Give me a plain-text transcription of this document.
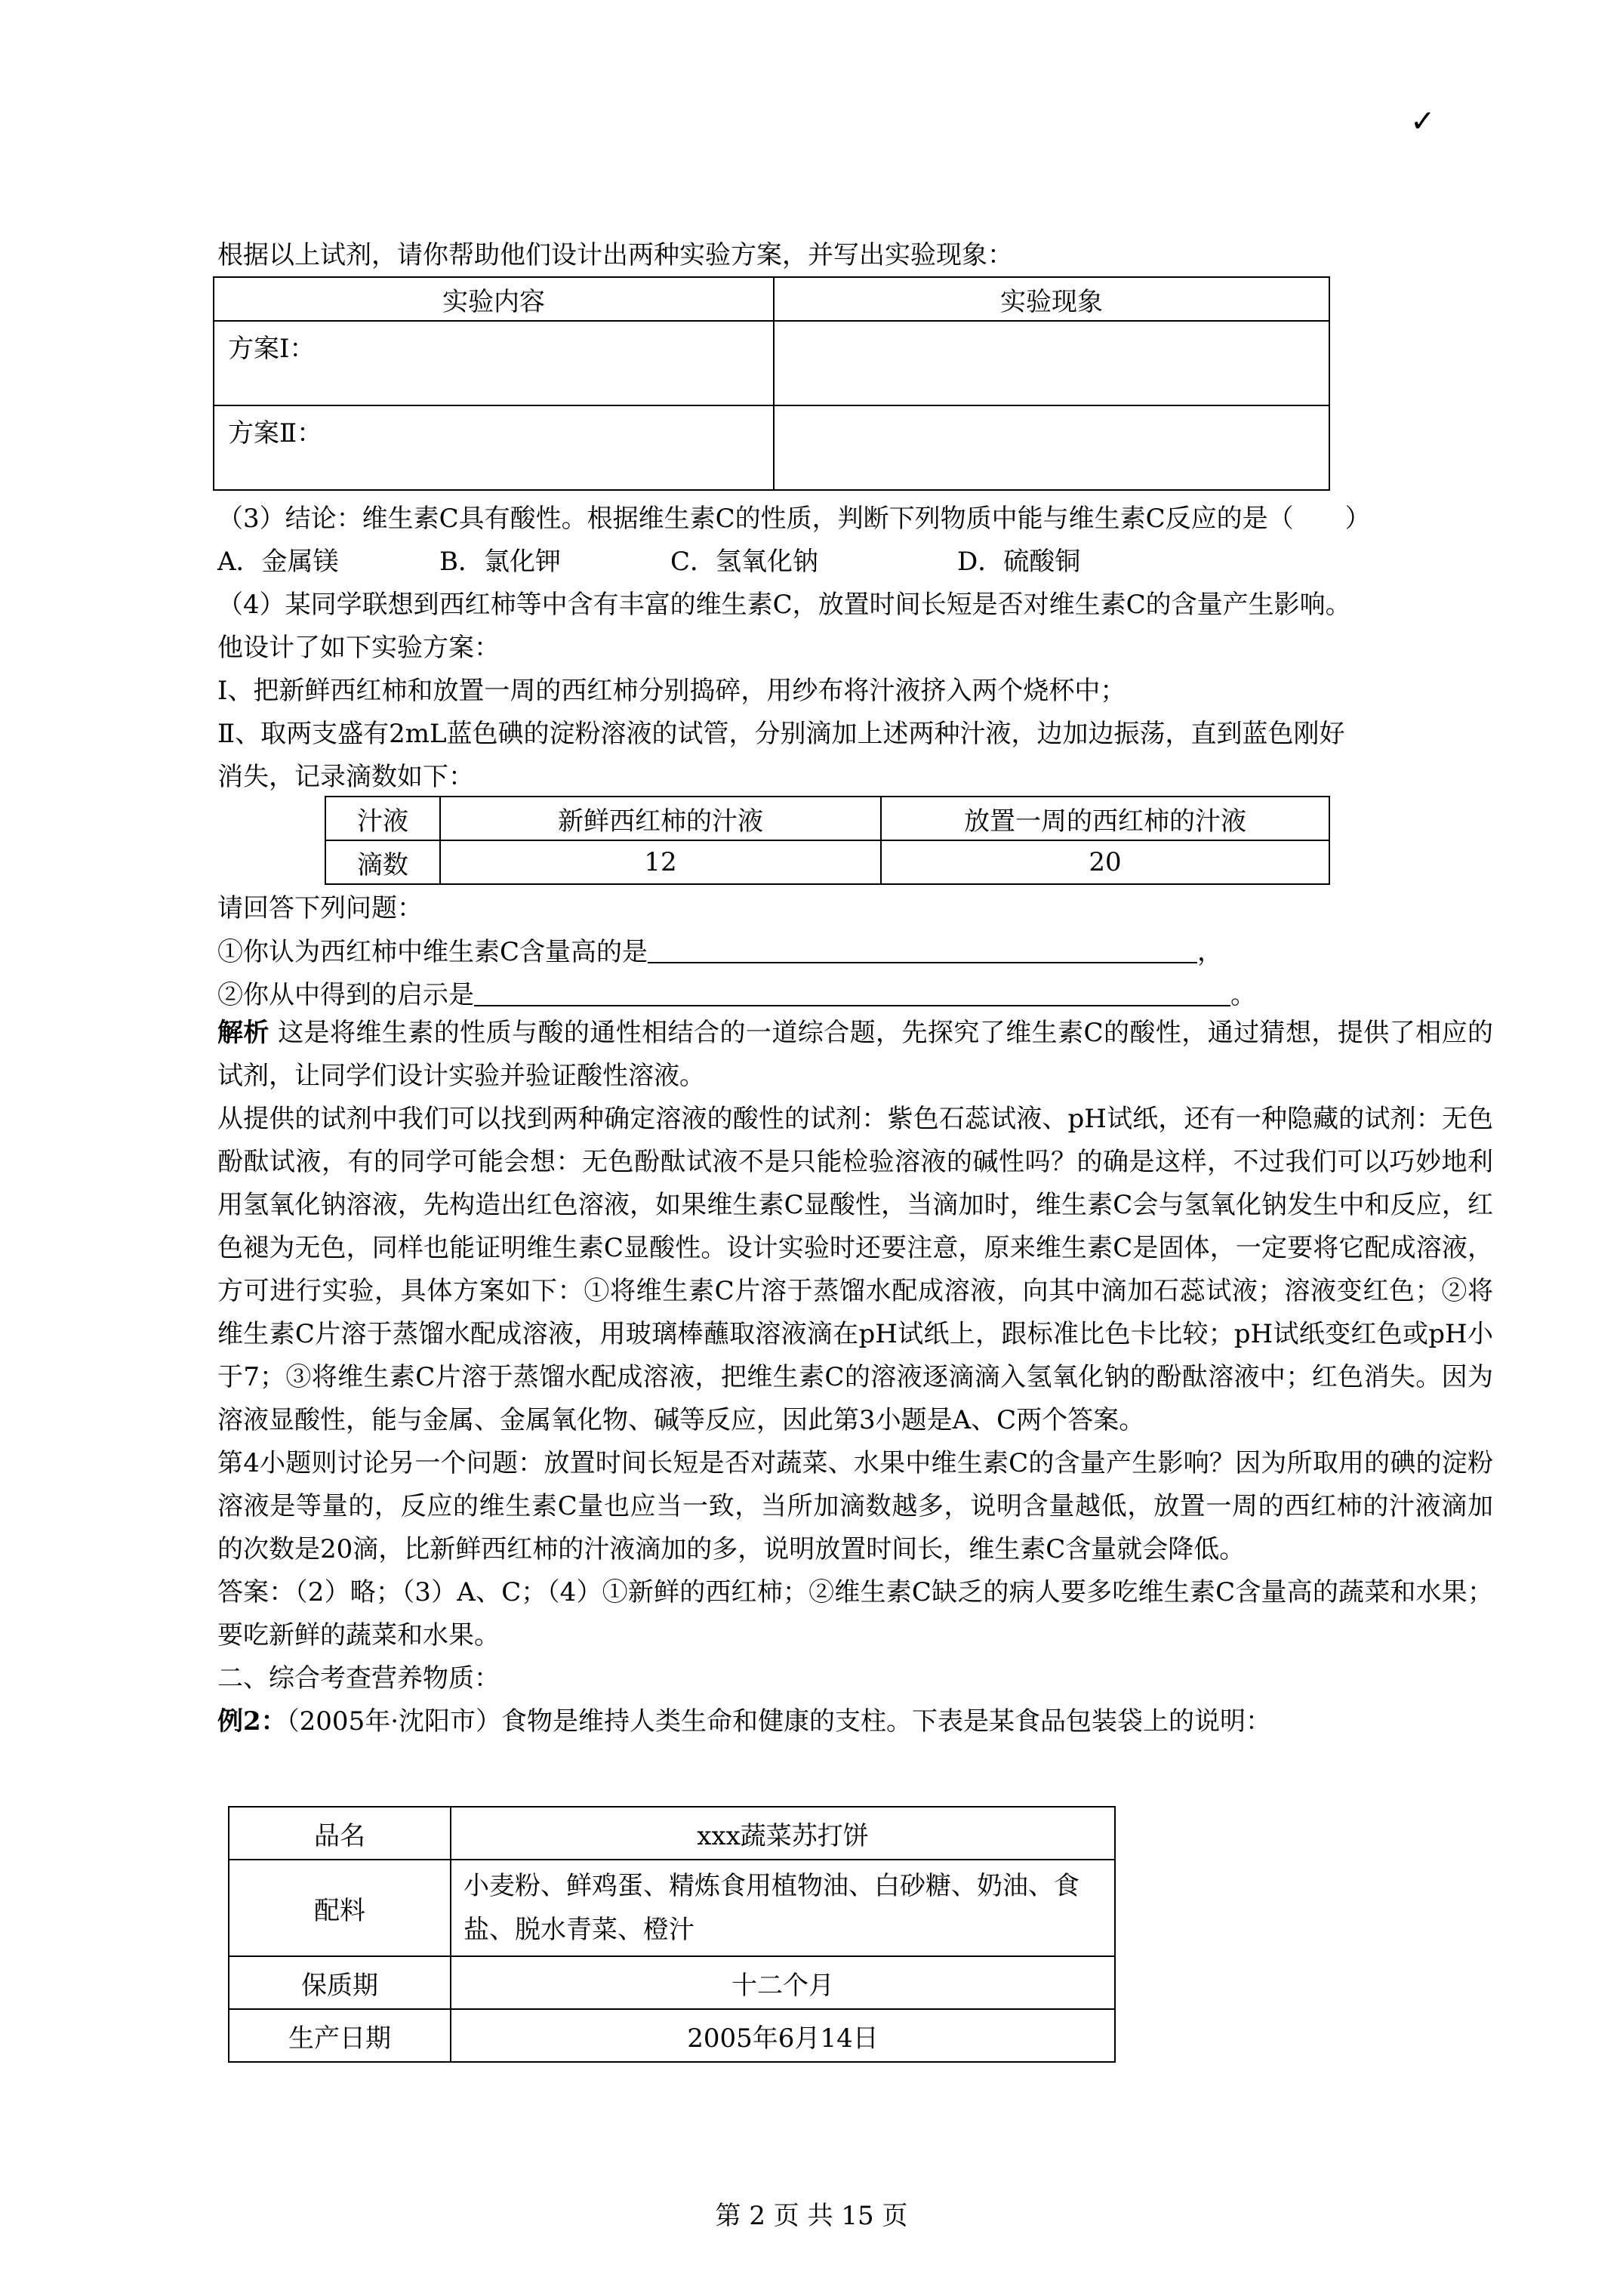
✓
根据以上试剂，请你帮助他们设计出两种实验方案，并写出实验现象：
实验内容	实验现象
方案Ⅰ：	
方案Ⅱ：	
（3）结论：维生素C具有酸性。根据维生素C的性质，判断下列物质中能与维生素C反应的是（　　）
A．金属镁	B．氯化钾	C．氢氧化钠	D．硫酸铜
（4）某同学联想到西红柿等中含有丰富的维生素C，放置时间长短是否对维生素C的含量产生影响。
他设计了如下实验方案：
Ⅰ、把新鲜西红柿和放置一周的西红柿分别捣碎，用纱布将汁液挤入两个烧杯中；
Ⅱ、取两支盛有2mL蓝色碘的淀粉溶液的试管，分别滴加上述两种汁液，边加边振荡，直到蓝色刚好
消失，记录滴数如下：
汁液	新鲜西红柿的汁液	放置一周的西红柿的汁液
滴数	12	20
请回答下列问题：
①你认为西红柿中维生素C含量高的是	，
②你从中得到的启示是	。

解析 这是将维生素的性质与酸的通性相结合的一道综合题，先探究了维生素C的酸性，通过猜想，提供了相应的试剂，让同学们设计实验并验证酸性溶液。

从提供的试剂中我们可以找到两种确定溶液的酸性的试剂：紫色石蕊试液、pH试纸，还有一种隐藏的试剂：无色酚酞试液，有的同学可能会想：无色酚酞试液不是只能检验溶液的碱性吗？的确是这样，不过我们可以巧妙地利用氢氧化钠溶液，先构造出红色溶液，如果维生素C显酸性，当滴加时，维生素C会与氢氧化钠发生中和反应，红色褪为无色，同样也能证明维生素C显酸性。设计实验时还要注意，原来维生素C是固体，一定要将它配成溶液，方可进行实验，具体方案如下：①将维生素C片溶于蒸馏水配成溶液，向其中滴加石蕊试液；溶液变红色；②将维生素C片溶于蒸馏水配成溶液，用玻璃棒蘸取溶液滴在pH试纸上，跟标准比色卡比较；pH试纸变红色或pH小于7；③将维生素C片溶于蒸馏水配成溶液，把维生素C的溶液逐滴滴入氢氧化钠的酚酞溶液中；红色消失。因为溶液显酸性，能与金属、金属氧化物、碱等反应，因此第3小题是A、C两个答案。

第4小题则讨论另一个问题：放置时间长短是否对蔬菜、水果中维生素C的含量产生影响？因为所取用的碘的淀粉溶液是等量的，反应的维生素C量也应当一致，当所加滴数越多，说明含量越低，放置一周的西红柿的汁液滴加的次数是20滴，比新鲜西红柿的汁液滴加的多，说明放置时间长，维生素C含量就会降低。

答案：（2）略；（3）A、C；（4）①新鲜的西红柿；②维生素C缺乏的病人要多吃维生素C含量高的蔬菜和水果；要吃新鲜的蔬菜和水果。

二、综合考查营养物质：

例2：（2005年·沈阳市）食物是维持人类生命和健康的支柱。下表是某食品包装袋上的说明：

品名	xxx蔬菜苏打饼
配料	小麦粉、鲜鸡蛋、精炼食用植物油、白砂糖、奶油、食盐、脱水青菜、橙汁
保质期	十二个月
生产日期	2005年6月14日
第 2 页 共 15 页
